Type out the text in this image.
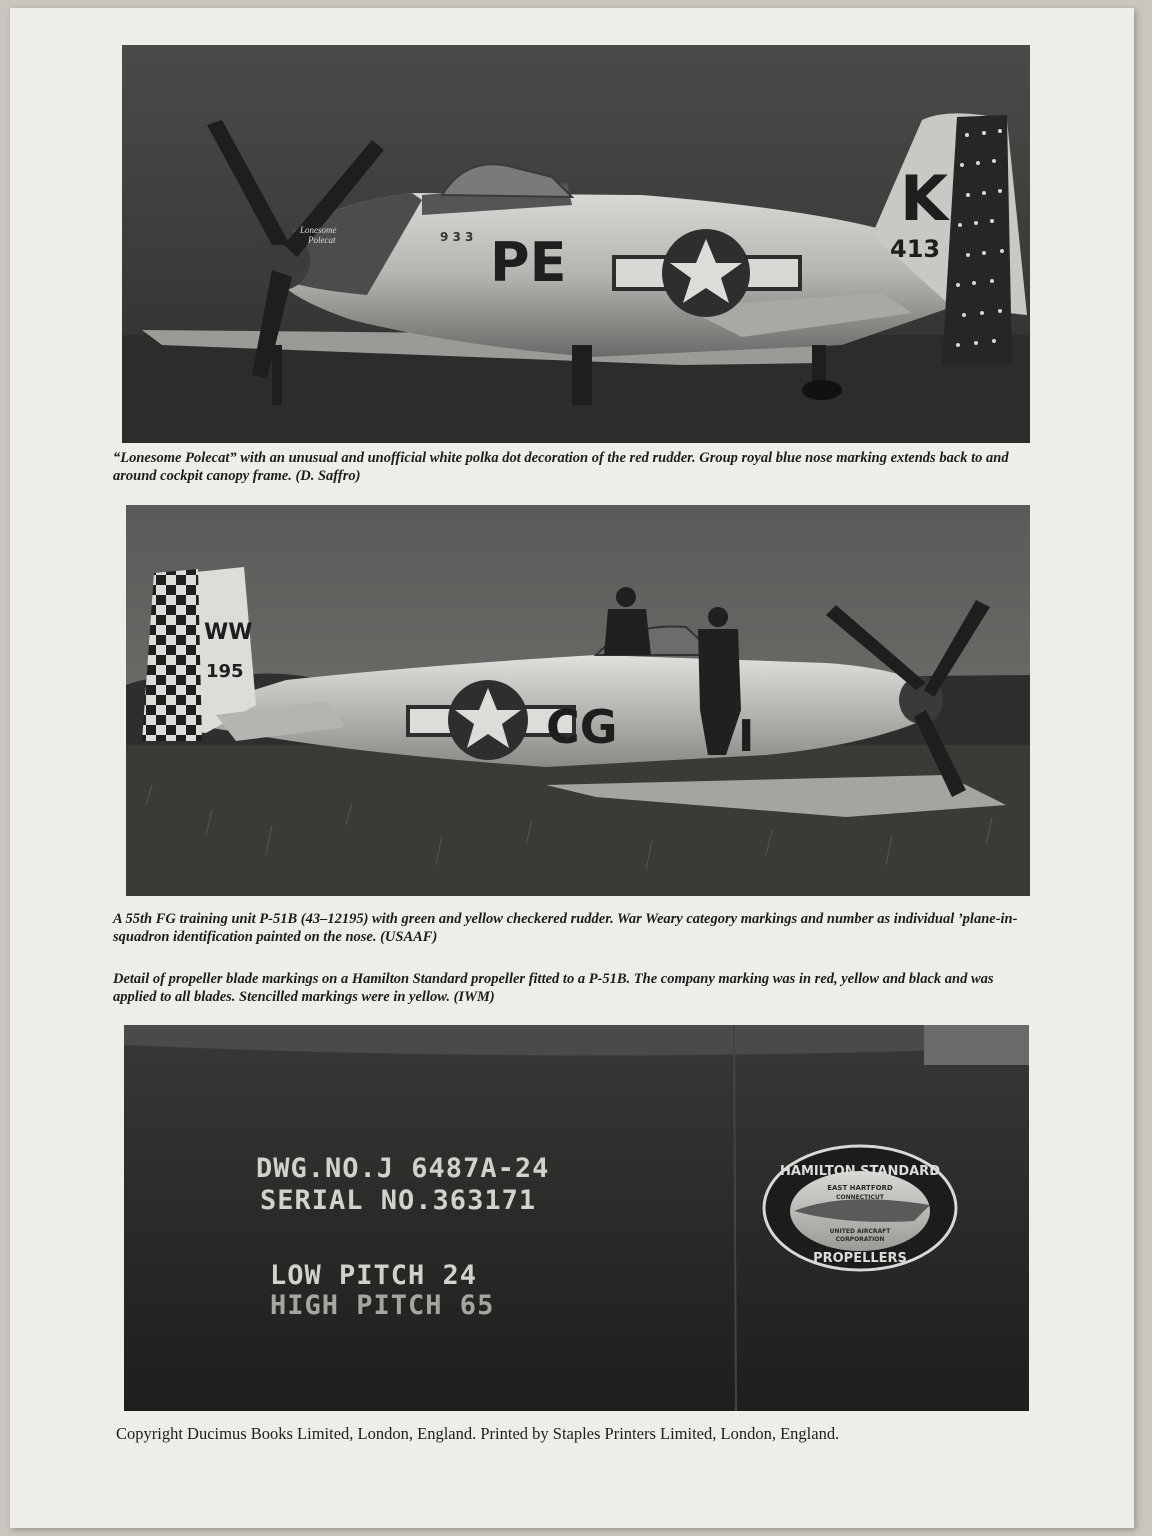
PE
K
413
Lonesome
Polecat	9 3 3

“Lonesome Polecat” with an unusual and unofficial white polka dot decoration of the red rudder. Group royal blue nose marking extends back to and around cockpit canopy frame. (D. Saffro)

CG	I
WW
195

A 55th FG training unit P-51B (43–12195) with green and yellow checkered rudder. War Weary category markings and number as individual ’plane-in-squadron identification painted on the nose. (USAAF)

Detail of propeller blade markings on a Hamilton Standard propeller fitted to a P-51B. The company marking was in red, yellow and black and was applied to all blades. Stencilled markings were in yellow. (IWM)

DWG.NO.J 6487A-24
SERIAL NO.363171
LOW PITCH 24
HIGH PITCH 65
HAMILTON STANDARD
PROPELLERS
EAST HARTFORD
CONNECTICUT
UNITED AIRCRAFT
CORPORATION

Copyright Ducimus Books Limited, London, England. Printed by Staples Printers Limited, London, England.
